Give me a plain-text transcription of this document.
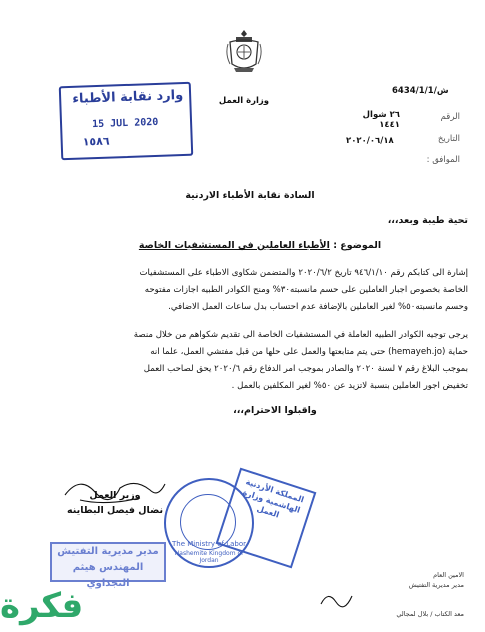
وزارة العمل
6434/1/1/ش
الرقم
٢٦ شوال ١٤٤١
التاريخ
٢٠٢٠/٠٦/١٨
الموافق :
وارد نقابة الأطباء
15 JUL 2020
١٥٨٦
السادة نقابة الأطباء الاردنية
تحية طيبة وبعد،،،
الموضوع : الأطباء العاملين في المستشفيات الخاصة
إشارة الى كتابكم رقم ٩٤٦/١/١٠ تاريخ ٢٠٢٠/٦/٢ والمتضمن شكاوى الاطباء على المستشفيات
الخاصة بخصوص اجبار العاملين على حسم مانسبته٣٠% ومنح الكوادر الطبيه اجازات مفتوحه
وحسم مانسبته٥٠% لغير العاملين بالإضافة عدم احتساب بدل ساعات العمل الاضافي.
يرجى توجيه الكوادر الطبيه العاملة في المستشفيات الخاصة الى تقديم شكواهم من خلال منصة
حماية (hemayeh.jo) حتى يتم متابعتها والعمل على حلها من قبل مفتشي العمل، علما انه
بموجب البلاغ رقم ٧ لسنة ٢٠٢٠ والصادر بموجب امر الدفاع رقم ٢٠٢٠/٦ يحق لصاحب العمل
تخفيض اجور العاملين بنسبة لاتزيد عن ٥٠% لغير المكلفين بالعمل .
واقبلوا الاحترام،،،
وزير العمل
نضال فيصل البطاينه
The Ministry of Labor
Hashemite Kingdom of Jordan
المملكة الأردنية الهاشمية وزارة العمل
مدير مديرية التفتيش
المهندس هيثم النجداوي
الامين العام
مدير مديرية التفتيش
معد الكتاب / بلال لمجالي
فكرة
